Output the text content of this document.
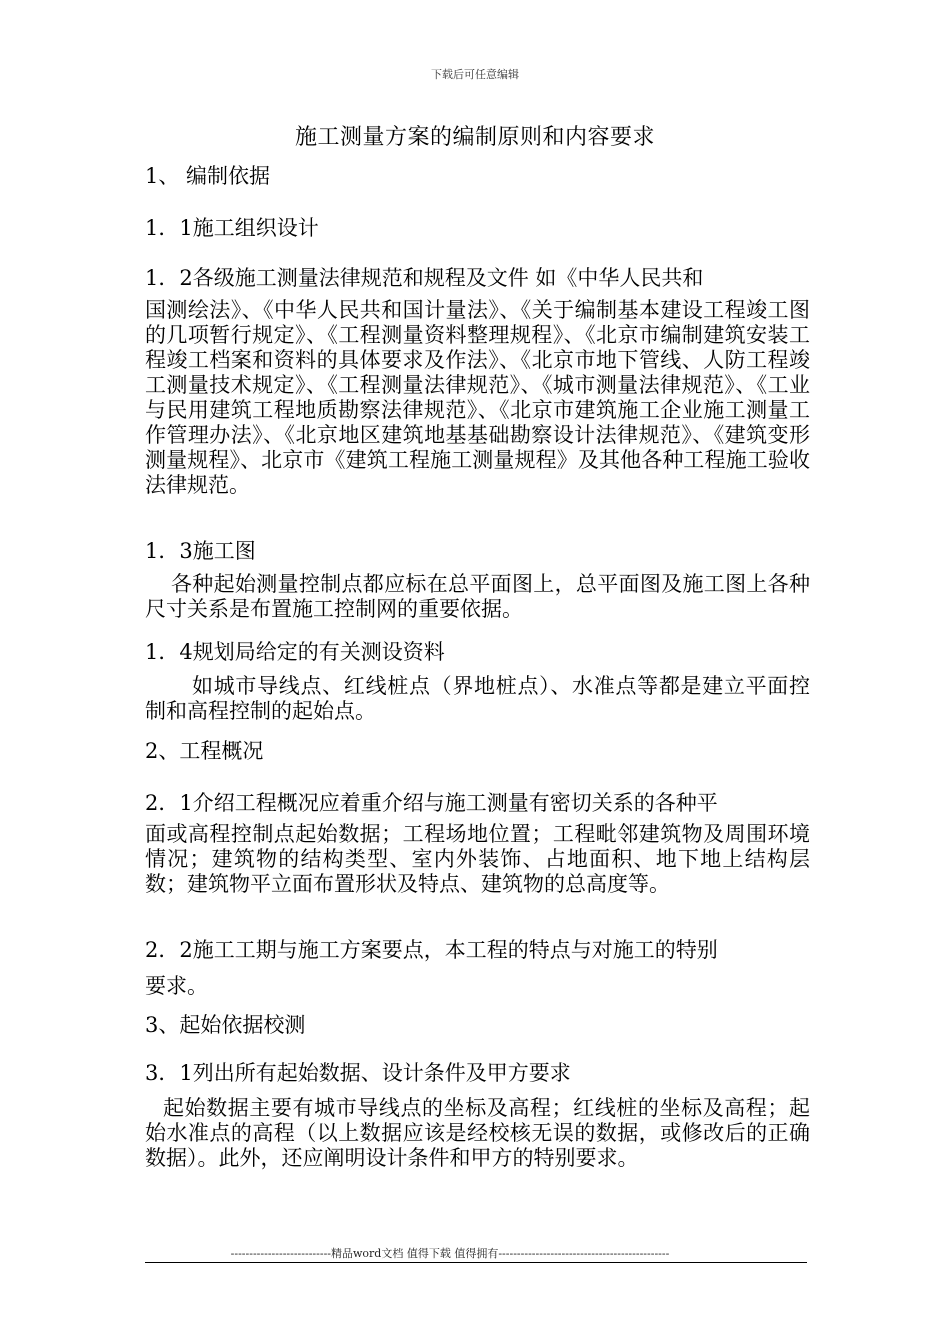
下载后可任意编辑
施工测量方案的编制原则和内容要求
1、 编制依据
1．1施工组织设计
1．2各级施工测量法律规范和规程及文件 如《中华人民共和
国测绘法》、《中华人民共和国计量法》、《关于编制基本建设工程竣工图的几项暂行规定》、《工程测量资料整理规程》、《北京市编制建筑安装工程竣工档案和资料的具体要求及作法》、《北京市地下管线、人防工程竣工测量技术规定》、《工程测量法律规范》、《城市测量法律规范》、《工业与民用建筑工程地质勘察法律规范》、《北京市建筑施工企业施工测量工作管理办法》、《北京地区建筑地基基础勘察设计法律规范》、《建筑变形测量规程》、北京市《建筑工程施工测量规程》及其他各种工程施工验收法律规范。
1．3施工图
各种起始测量控制点都应标在总平面图上，总平面图及施工图上各种尺寸关系是布置施工控制网的重要依据。
1．4规划局给定的有关测设资料
如城市导线点、红线桩点（界地桩点）、水准点等都是建立平面控制和高程控制的起始点。
2、工程概况
2．1介绍工程概况应着重介绍与施工测量有密切关系的各种平
面或高程控制点起始数据；工程场地位置；工程毗邻建筑物及周围环境情况；建筑物的结构类型、室内外装饰、占地面积、地下地上结构层数；建筑物平立面布置形状及特点、建筑物的总高度等。
2．2施工工期与施工方案要点，本工程的特点与对施工的特别
要求。
3、起始依据校测
3．1列出所有起始数据、设计条件及甲方要求
起始数据主要有城市导线点的坐标及高程；红线桩的坐标及高程；起始水准点的高程（以上数据应该是经校核无误的数据，或修改后的正确数据）。此外，还应阐明设计条件和甲方的特别要求。
---------------------------精品word文档 值得下载 值得拥有----------------------------------------------
